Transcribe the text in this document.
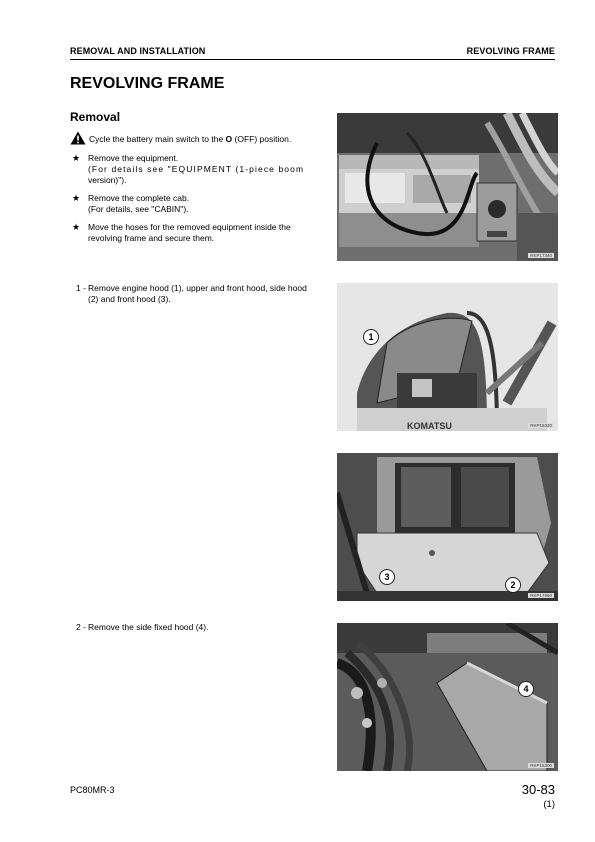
REMOVAL AND INSTALLATION	REVOLVING FRAME
REVOLVING FRAME
Removal
Cycle the battery main switch to the O (OFF) position.
★ Remove the equipment.
(For details see "EQUIPMENT (1-piece boom
version)").
★ Remove the complete cab.
(For details, see "CABIN").
★ Move the hoses for the removed equipment inside the
revolving frame and secure them.
1 - Remove engine hood (1), upper and front hood, side hood (2) and front hood (3).
2 - Remove the side fixed hood (4).
RKP17340
KOMATSU
1
RKP15320
3
2
RKP17860
4
RKP15300
PC80MR-3	30-83
(1)
